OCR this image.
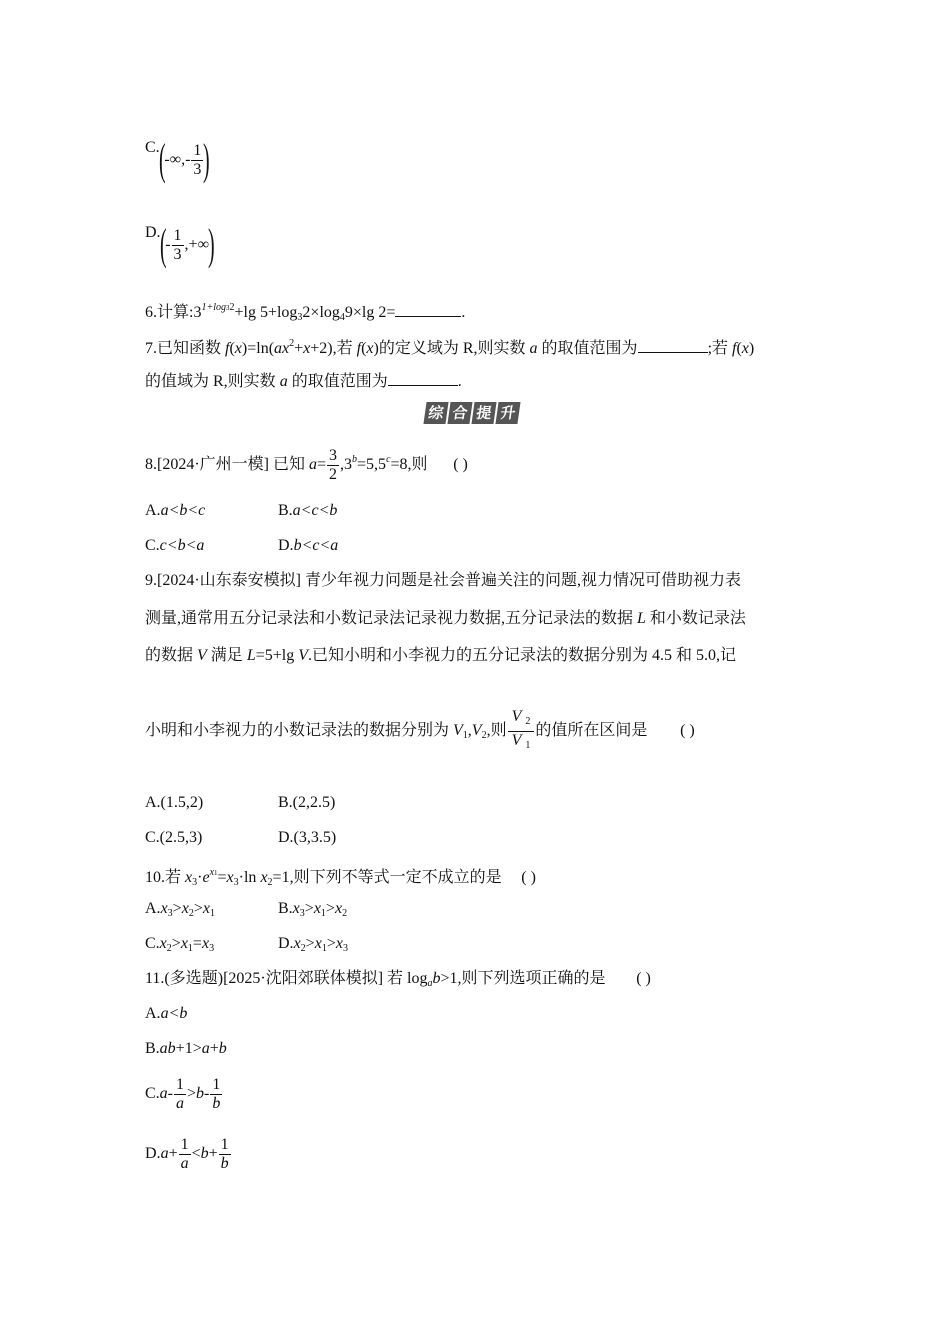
$C.(-\infty,- \frac{1}{3}$ )
$D.(- \frac{1}{3}$ ,+∞)
6.计算$:3^{1+log32}+\lg$ $5+\log_32\times\log_49\times\lg$ 2=	.
7.已知函数 $f(x)=\ln(ax^2+x+2)$,若 f(x)的定义域为 R,则实数 a 的取值范围为	;若 f(x)
的值域为 R,则实数 a 的取值范围为	.
综 合 提 升
8.[2024·广州一模] 已知 $a= \frac{3}{2} ,3^b=5,5^c=8$,则 ( )
A.a<b<c	B.a<c<b
C.c<b<a	D.b<c<a
9.[2024·山东泰安模拟] 青少年视力问题是社会普遍关注的问题,视力情况可借助视力表
测量,通常用五分记录法和小数记录法记录视力数据,五分记录法的数据 L 和小数记录法
的数据 V 满足 L=5+lg V.已知小明和小李视力的五分记录法的数据分别为 4.5 和 5.0,记
小明和小李视力的小数记录法的数据分别为 $V_1,V_2$,则 $\frac{V _2}{V _1}$ 的值所在区间是 ( )
A.(1.5,2)	B.(2,2.5)
C.(2.5,3)	D.(3,3.5)
10.若 $x_3\cdot e^{x1}=x_3\cdot\ln$ $x_2=1$,则下列不等式一定不成立的是 ( )
$A.x_3>x_2>x_1$	$B.x_3>x_1>x_2$
$C.x_2>x_1=x_3$	$D.x_2>x_1>x_3$
11.(多选题)[2025·沈阳郊联体模拟] 若 $\log_ab>1$,则下列选项正确的是 ( )
A.a<b
B.ab+1>a+b
$C.a- \frac{1}{a} >b- \frac{1}{b}$
$D.a+ \frac{1}{a} <b+ \frac{1}{b}$
